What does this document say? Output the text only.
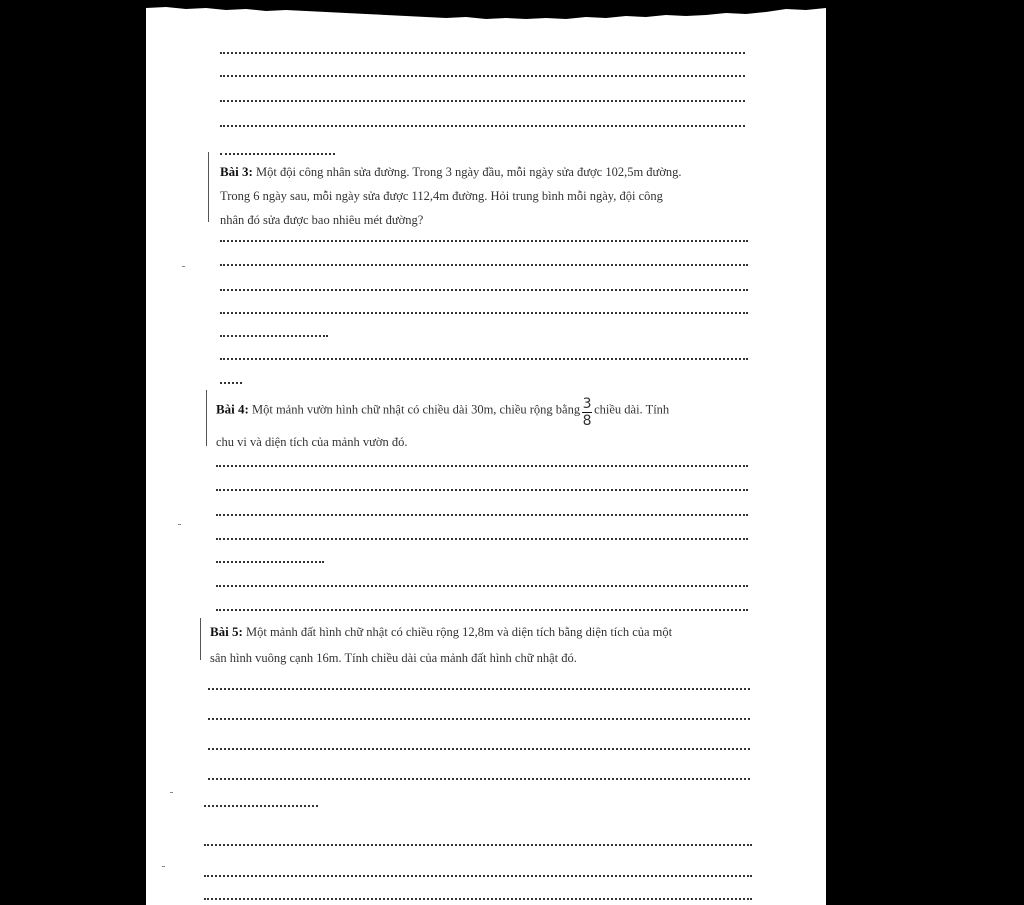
Bài 3: Một đội công nhân sửa đường. Trong 3 ngày đầu, mỗi ngày sửa được 102,5m đường.
Trong 6 ngày sau, mỗi ngày sửa được 112,4m đường. Hỏi trung bình mỗi ngày, đội công
nhân đó sửa được bao nhiêu mét đường?
Bài 4: Một mảnh vườn hình chữ nhật có chiều dài 30m, chiều rộng bằng $\frac{3}{8}$ chiều dài. Tính
chu vi và diện tích của mảnh vườn đó.
Bài 5: Một mảnh đất hình chữ nhật có chiều rộng 12,8m và diện tích bằng diện tích của một
sân hình vuông cạnh 16m. Tính chiều dài của mảnh đất hình chữ nhật đó.
